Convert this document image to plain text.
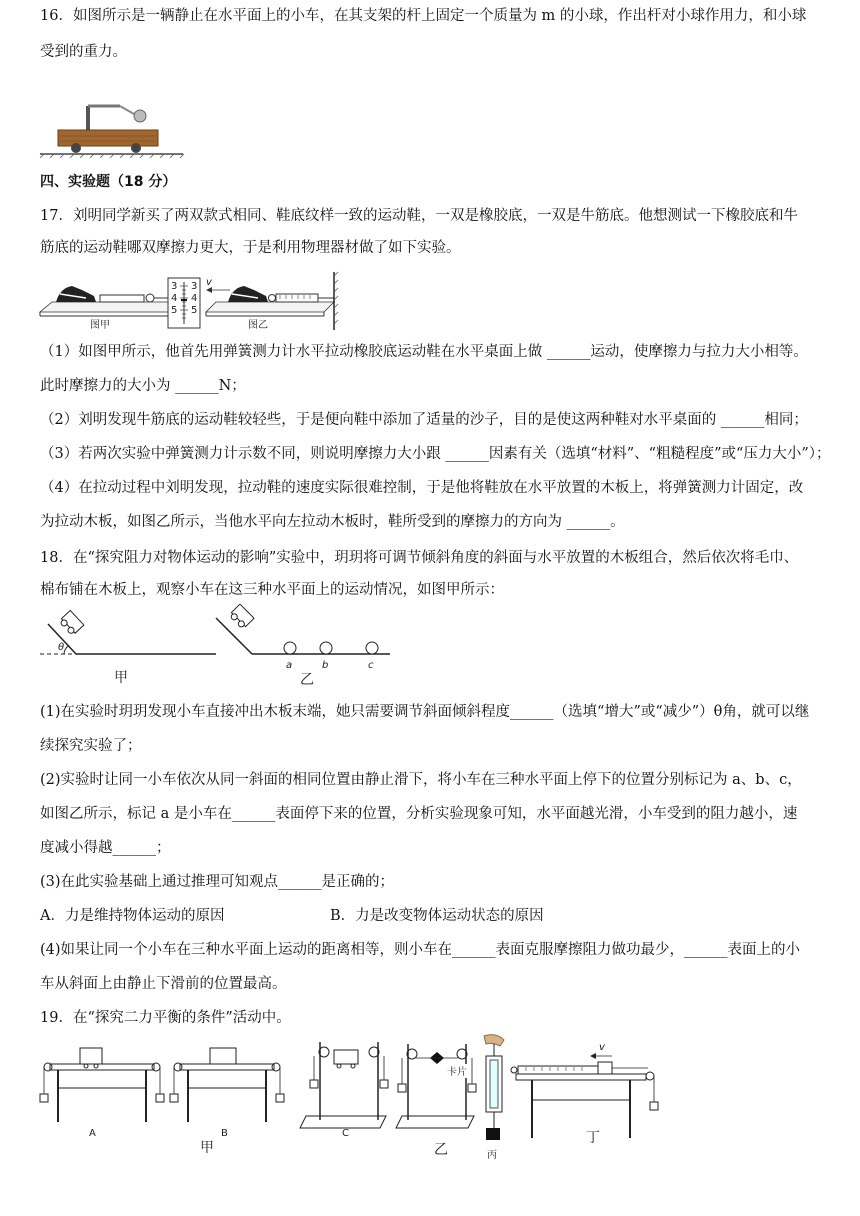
16．如图所示是一辆静止在水平面上的小车，在其支架的杆上固定一个质量为 m 的小球，作出杆对小球作用力，和小球
受到的重力。
四、实验题（18 分）
17．刘明同学新买了两双款式相同、鞋底纹样一致的运动鞋，一双是橡胶底，一双是牛筋底。他想测试一下橡胶底和牛
筋底的运动鞋哪双摩擦力更大，于是利用物理器材做了如下实验。
3
4
5
3
4
5
图甲
v
图乙
（1）如图甲所示，他首先用弹簧测力计水平拉动橡胶底运动鞋在水平桌面上做 ______运动，使摩擦力与拉力大小相等。
此时摩擦力的大小为 ______N；
（2）刘明发现牛筋底的运动鞋较轻些，于是便向鞋中添加了适量的沙子，目的是使这两种鞋对水平桌面的 ______相同；
（3）若两次实验中弹簧测力计示数不同，则说明摩擦力大小跟 ______因素有关（选填“材料”、“粗糙程度”或“压力大小”）；
（4）在拉动过程中刘明发现，拉动鞋的速度实际很难控制，于是他将鞋放在水平放置的木板上，将弹簧测力计固定，改
为拉动木板，如图乙所示，当他水平向左拉动木板时，鞋所受到的摩擦力的方向为 ______。
18．在“探究阻力对物体运动的影响”实验中，玥玥将可调节倾斜角度的斜面与水平放置的木板组合，然后依次将毛巾、
棉布铺在木板上，观察小车在这三种水平面上的运动情况，如图甲所示：
θ
甲
a	b	c
乙
(1)在实验时玥玥发现小车直接冲出木板末端，她只需要调节斜面倾斜程度______（选填“增大”或“减少”）θ角，就可以继
续探究实验了；
(2)实验时让同一小车依次从同一斜面的相同位置由静止滑下，将小车在三种水平面上停下的位置分别标记为 a、b、c，
如图乙所示，标记 a 是小车在______表面停下来的位置，分析实验现象可知，水平面越光滑，小车受到的阻力越小，速
度减小得越______；
(3)在此实验基础上通过推理可知观点______是正确的；
A．力是维持物体运动的原因	B．力是改变物体运动状态的原因
(4)如果让同一个小车在三种水平面上运动的距离相等，则小车在______表面克服摩擦阻力做功最少，______表面上的小
车从斜面上由静止下滑前的位置最高。
19．在“探究二力平衡的条件”活动中。
A	B
甲
C
卡片
乙	丙
v
丁
